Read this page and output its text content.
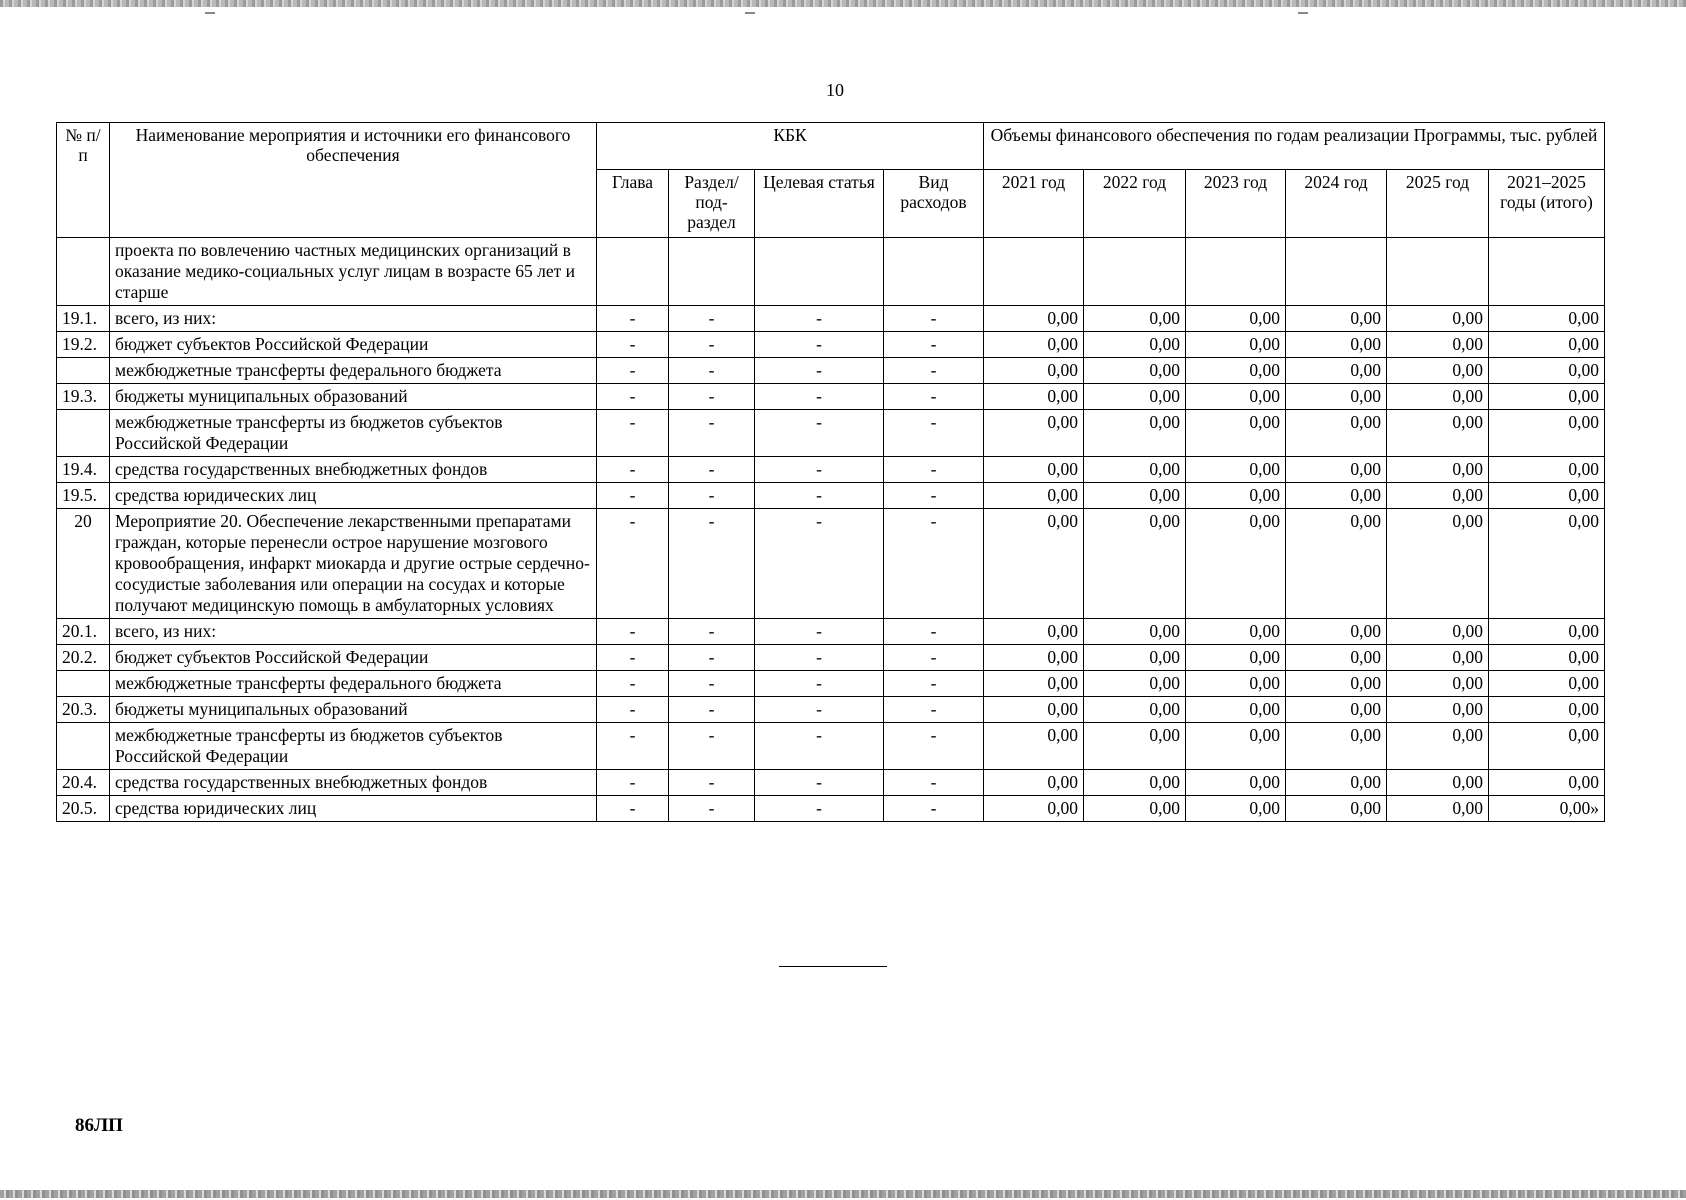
10
№ п/п	Наименование мероприятия и источники его финансового обеспечения	КБК				Объемы финансового обеспечения по годам реализации Программы, тыс. рублей					
		Глава	Раздел/ под-раздел	Целевая статья	Вид расходов	2021 год	2022 год	2023 год	2024 год	2025 год	2021–2025 годы (итого)
	проекта по вовлечению частных медицинских организаций в оказание медико-социальных услуг лицам в возрасте 65 лет и старше										
19.1.	всего, из них:	-	-	-	-	0,00	0,00	0,00	0,00	0,00	0,00
19.2.	бюджет субъектов Российской Федерации	-	-	-	-	0,00	0,00	0,00	0,00	0,00	0,00
	межбюджетные трансферты федерального бюджета	-	-	-	-	0,00	0,00	0,00	0,00	0,00	0,00
19.3.	бюджеты муниципальных образований	-	-	-	-	0,00	0,00	0,00	0,00	0,00	0,00
	межбюджетные трансферты из бюджетов субъектов Российской Федерации	-	-	-	-	0,00	0,00	0,00	0,00	0,00	0,00
19.4.	средства государственных внебюджетных фондов	-	-	-	-	0,00	0,00	0,00	0,00	0,00	0,00
19.5.	средства юридических лиц	-	-	-	-	0,00	0,00	0,00	0,00	0,00	0,00
20	Мероприятие 20. Обеспечение лекарственными препаратами граждан, которые перенесли острое нарушение мозгового кровообращения, инфаркт миокарда и другие острые сердечно-сосудистые заболевания или операции на сосудах и которые получают медицинскую помощь в амбулаторных условиях	-	-	-	-	0,00	0,00	0,00	0,00	0,00	0,00
20.1.	всего, из них:	-	-	-	-	0,00	0,00	0,00	0,00	0,00	0,00
20.2.	бюджет субъектов Российской Федерации	-	-	-	-	0,00	0,00	0,00	0,00	0,00	0,00
	межбюджетные трансферты федерального бюджета	-	-	-	-	0,00	0,00	0,00	0,00	0,00	0,00
20.3.	бюджеты муниципальных образований	-	-	-	-	0,00	0,00	0,00	0,00	0,00	0,00
	межбюджетные трансферты из бюджетов субъектов Российской Федерации	-	-	-	-	0,00	0,00	0,00	0,00	0,00	0,00
20.4.	средства государственных внебюджетных фондов	-	-	-	-	0,00	0,00	0,00	0,00	0,00	0,00
20.5.	средства юридических лиц	-	-	-	-	0,00	0,00	0,00	0,00	0,00	0,00»
86ЛП
